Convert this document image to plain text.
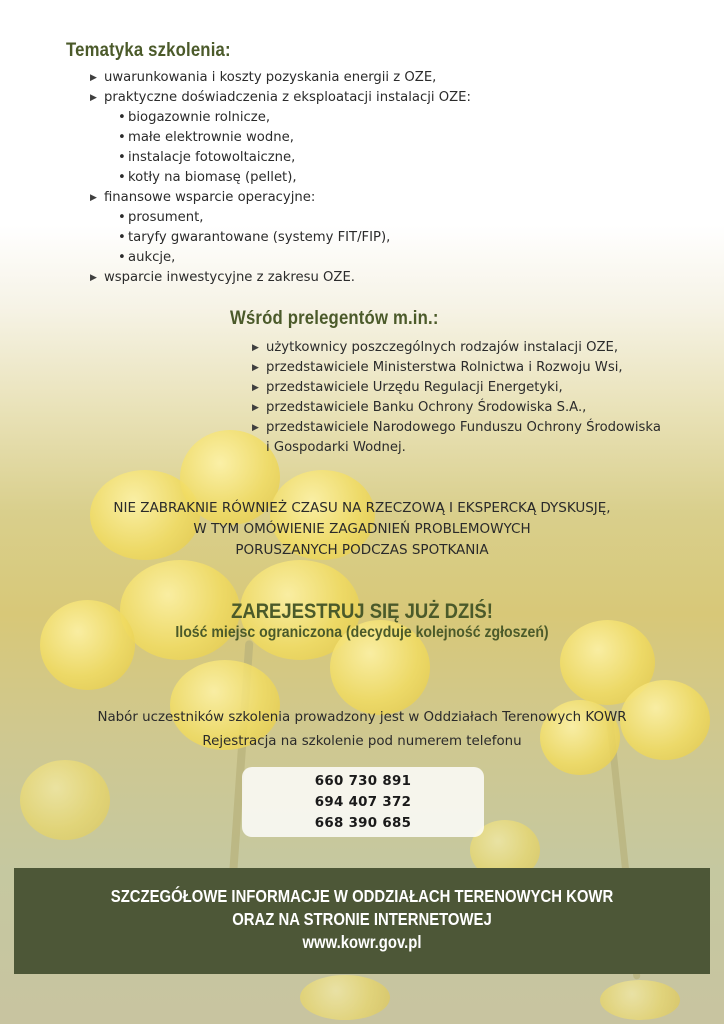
Tematyka szkolenia:
▶ uwarunkowania i koszty pozyskania energii z OZE,
▶ praktyczne doświadczenia z eksploatacji instalacji OZE:
• biogazownie rolnicze,
• małe elektrownie wodne,
• instalacje fotowoltaiczne,
• kotły na biomasę (pellet),
▶ finansowe wsparcie operacyjne:
• prosument,
• taryfy gwarantowane (systemy FIT/FIP),
• aukcje,
▶ wsparcie inwestycyjne z zakresu OZE.
Wśród prelegentów m.in.:
▶ użytkownicy poszczególnych rodzajów instalacji OZE,
▶ przedstawiciele Ministerstwa Rolnictwa i Rozwoju Wsi,
▶ przedstawiciele Urzędu Regulacji Energetyki,
▶ przedstawiciele Banku Ochrony Środowiska S.A.,
▶ przedstawiciele Narodowego Funduszu Ochrony Środowiska
i Gospodarki Wodnej.
NIE ZABRAKNIE RÓWNIEŻ CZASU NA RZECZOWĄ I EKSPERCKĄ DYSKUSJĘ,
W TYM OMÓWIENIE ZAGADNIEŃ PROBLEMOWYCH
PORUSZANYCH PODCZAS SPOTKANIA
ZAREJESTRUJ SIĘ JUŻ DZIŚ!
Ilość miejsc ograniczona (decyduje kolejność zgłoszeń)
Nabór uczestników szkolenia prowadzony jest w Oddziałach Terenowych KOWR
Rejestracja na szkolenie pod numerem telefonu
660 730 891
694 407 372
668 390 685
SZCZEGÓŁOWE INFORMACJE W ODDZIAŁACH TERENOWYCH KOWR
ORAZ NA STRONIE INTERNETOWEJ
www.kowr.gov.pl
